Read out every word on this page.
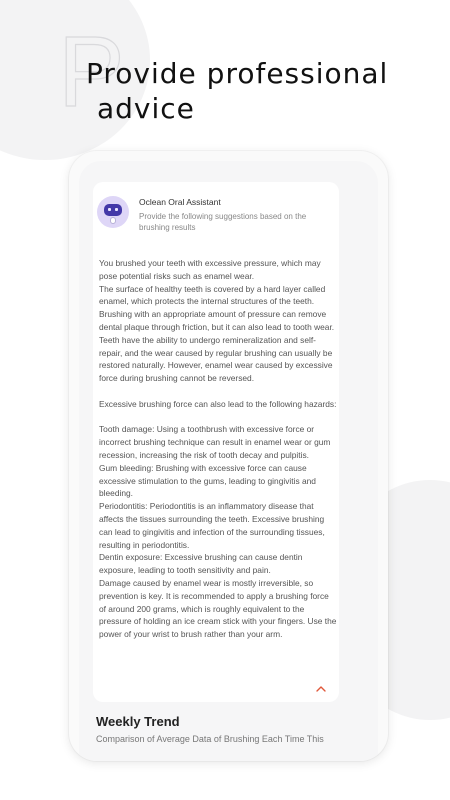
P
Provide professional
advice
Oclean Oral Assistant
Provide the following suggestions based on the brushing results
You brushed your teeth with excessive pressure, which may pose potential risks such as enamel wear.
The surface of healthy teeth is covered by a hard layer called enamel, which protects the internal structures of the teeth. Brushing with an appropriate amount of pressure can remove dental plaque through friction, but it can also lead to tooth wear. Teeth have the ability to undergo remineralization and self-repair, and the wear caused by regular brushing can usually be restored naturally. However, enamel wear caused by excessive force during brushing cannot be reversed.

Excessive brushing force can also lead to the following hazards:

Tooth damage: Using a toothbrush with excessive force or incorrect brushing technique can result in enamel wear or gum recession, increasing the risk of tooth decay and pulpitis.
Gum bleeding: Brushing with excessive force can cause excessive stimulation to the gums, leading to gingivitis and bleeding.
Periodontitis: Periodontitis is an inflammatory disease that affects the tissues surrounding the teeth. Excessive brushing can lead to gingivitis and infection of the surrounding tissues, resulting in periodontitis.
Dentin exposure: Excessive brushing can cause dentin exposure, leading to tooth sensitivity and pain.
Damage caused by enamel wear is mostly irreversible, so prevention is key. It is recommended to apply a brushing force of around 200 grams, which is roughly equivalent to the pressure of holding an ice cream stick with your fingers. Use the power of your wrist to brush rather than your arm.
Weekly Trend
Comparison of Average Data of Brushing Each Time This
